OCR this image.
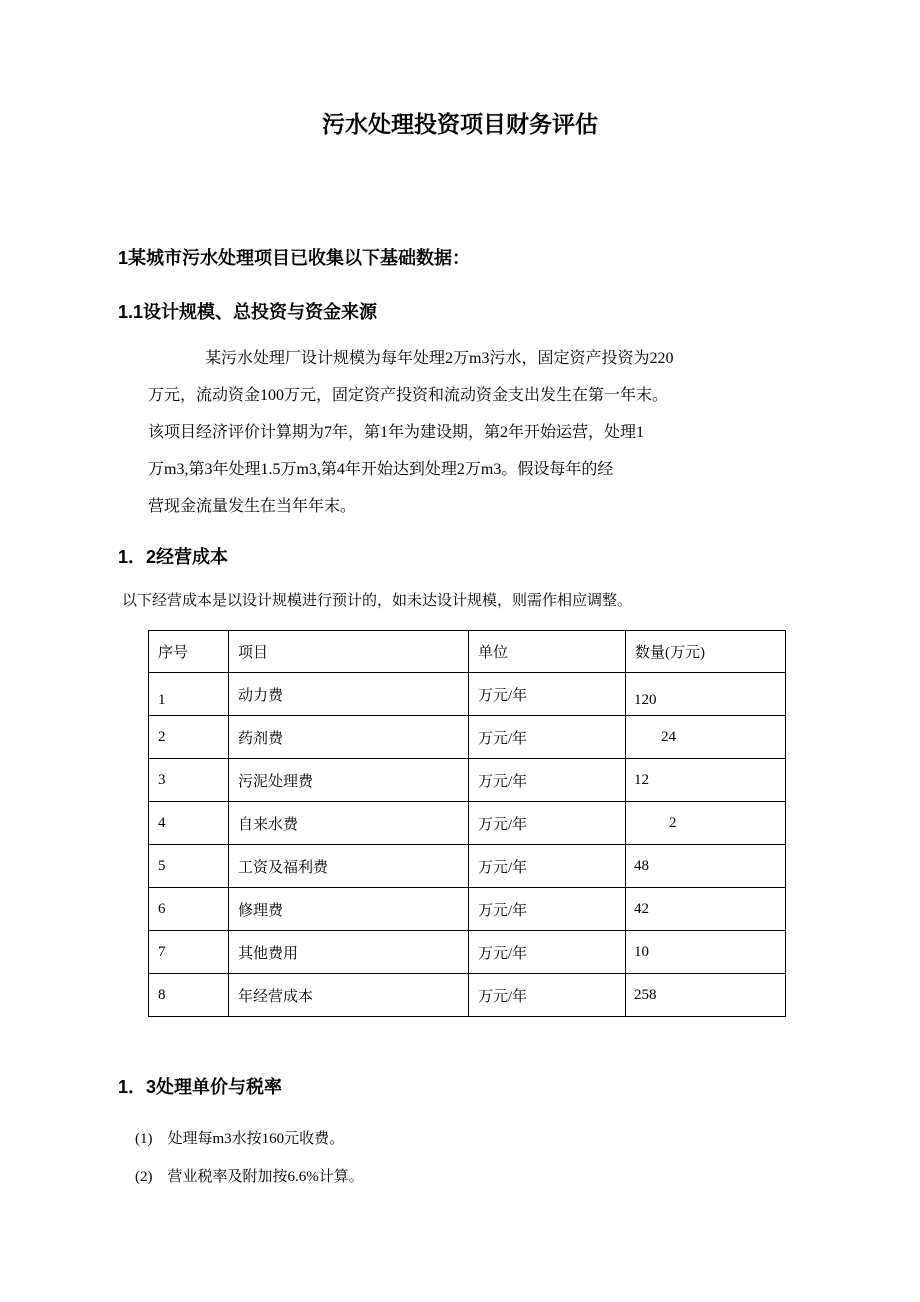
污水处理投资项目财务评估
1某城市污水处理项目已收集以下基础数据：
1.1设计规模、总投资与资金来源
某污水处理厂设计规模为每年处理2万m3污水，固定资产投资为220
万元，流动资金100万元，固定资产投资和流动资金支出发生在第一年末。
该项目经济评价计算期为7年，第1年为建设期，第2年开始运营，处理1
万m3,第3年处理1.5万m3,第4年开始达到处理2万m3。假设每年的经
营现金流量发生在当年年末。
1．2经营成本

以下经营成本是以设计规模进行预计的，如未达设计规模，则需作相应调整。

序号	项目	单位	数量(万元)
1	动力费	万元/年	120
2	药剂费	万元/年	24
3	污泥处理费	万元/年	12
4	自来水费	万元/年	2
5	工资及福利费	万元/年	48
6	修理费	万元/年	42
7	其他费用	万元/年	10
8	年经营成本	万元/年	258
1．3处理单价与税率

(1)　处理每m3水按160元收费。

(2)　营业税率及附加按6.6%计算。
